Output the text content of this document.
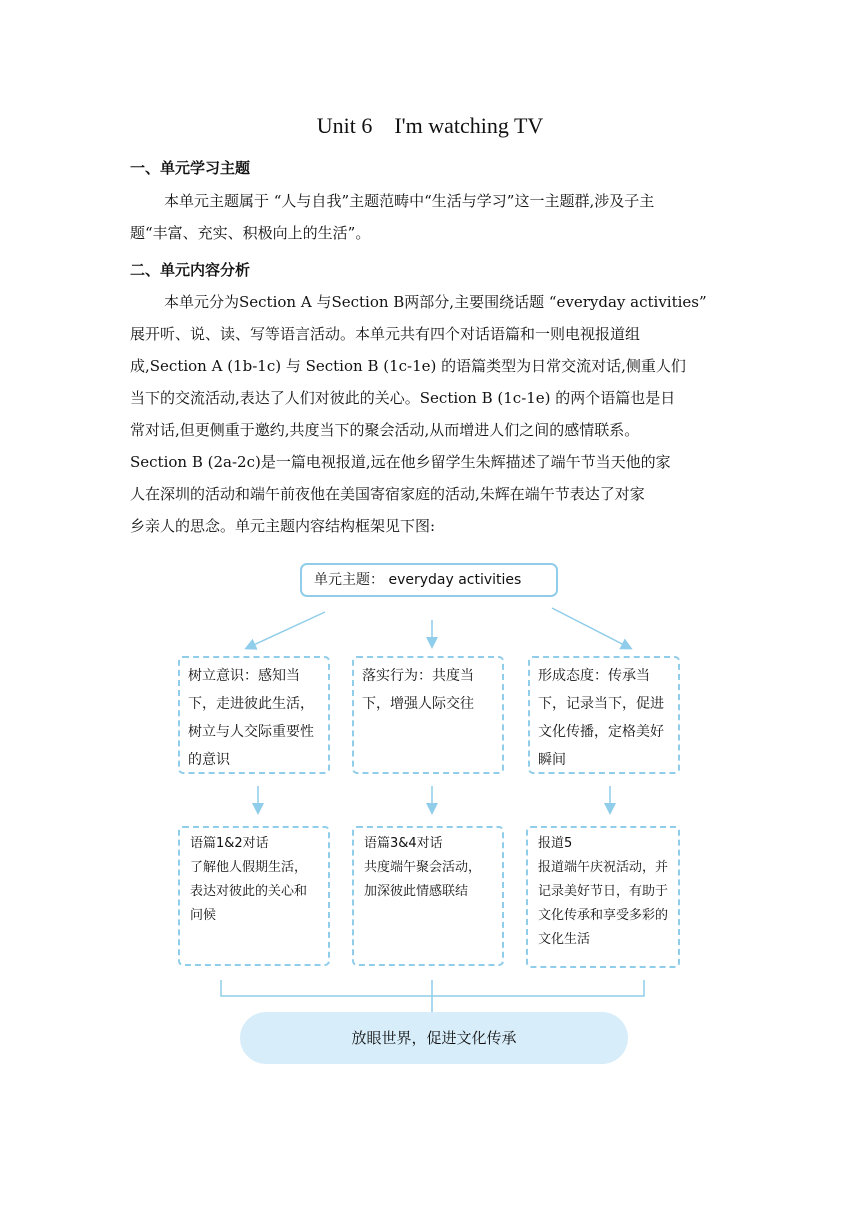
Unit 6    I'm watching TV
一、单元学习主题
本单元主题属于 “人与自我”主题范畴中“生活与学习”这一主题群,涉及子主
题“丰富、充实、积极向上的生活”。
二、单元内容分析
本单元分为Section A 与Section B两部分,主要围绕话题 “everyday activities”
展开听、说、读、写等语言活动。本单元共有四个对话语篇和一则电视报道组
成,Section A (1b-1c) 与 Section B (1c-1e) 的语篇类型为日常交流对话,侧重人们
当下的交流活动,表达了人们对彼此的关心。Section B (1c-1e) 的两个语篇也是日
常对话,但更侧重于邀约,共度当下的聚会活动,从而增进人们之间的感情联系。
Section B (2a-2c)是一篇电视报道,远在他乡留学生朱辉描述了端午节当天他的家
人在深圳的活动和端午前夜他在美国寄宿家庭的活动,朱辉在端午节表达了对家
乡亲人的思念。单元主题内容结构框架见下图:
单元主题： everyday activities
树立意识：感知当下，走进彼此生活，树立与人交际重要性的意识
落实行为：共度当下，增强人际交往
形成态度：传承当下，记录当下，促进文化传播，定格美好瞬间
语篇1&2对话
了解他人假期生活，表达对彼此的关心和问候
语篇3&4对话
共度端午聚会活动，加深彼此情感联结
报道5
报道端午庆祝活动，并记录美好节日，有助于文化传承和享受多彩的文化生活
放眼世界，促进文化传承
